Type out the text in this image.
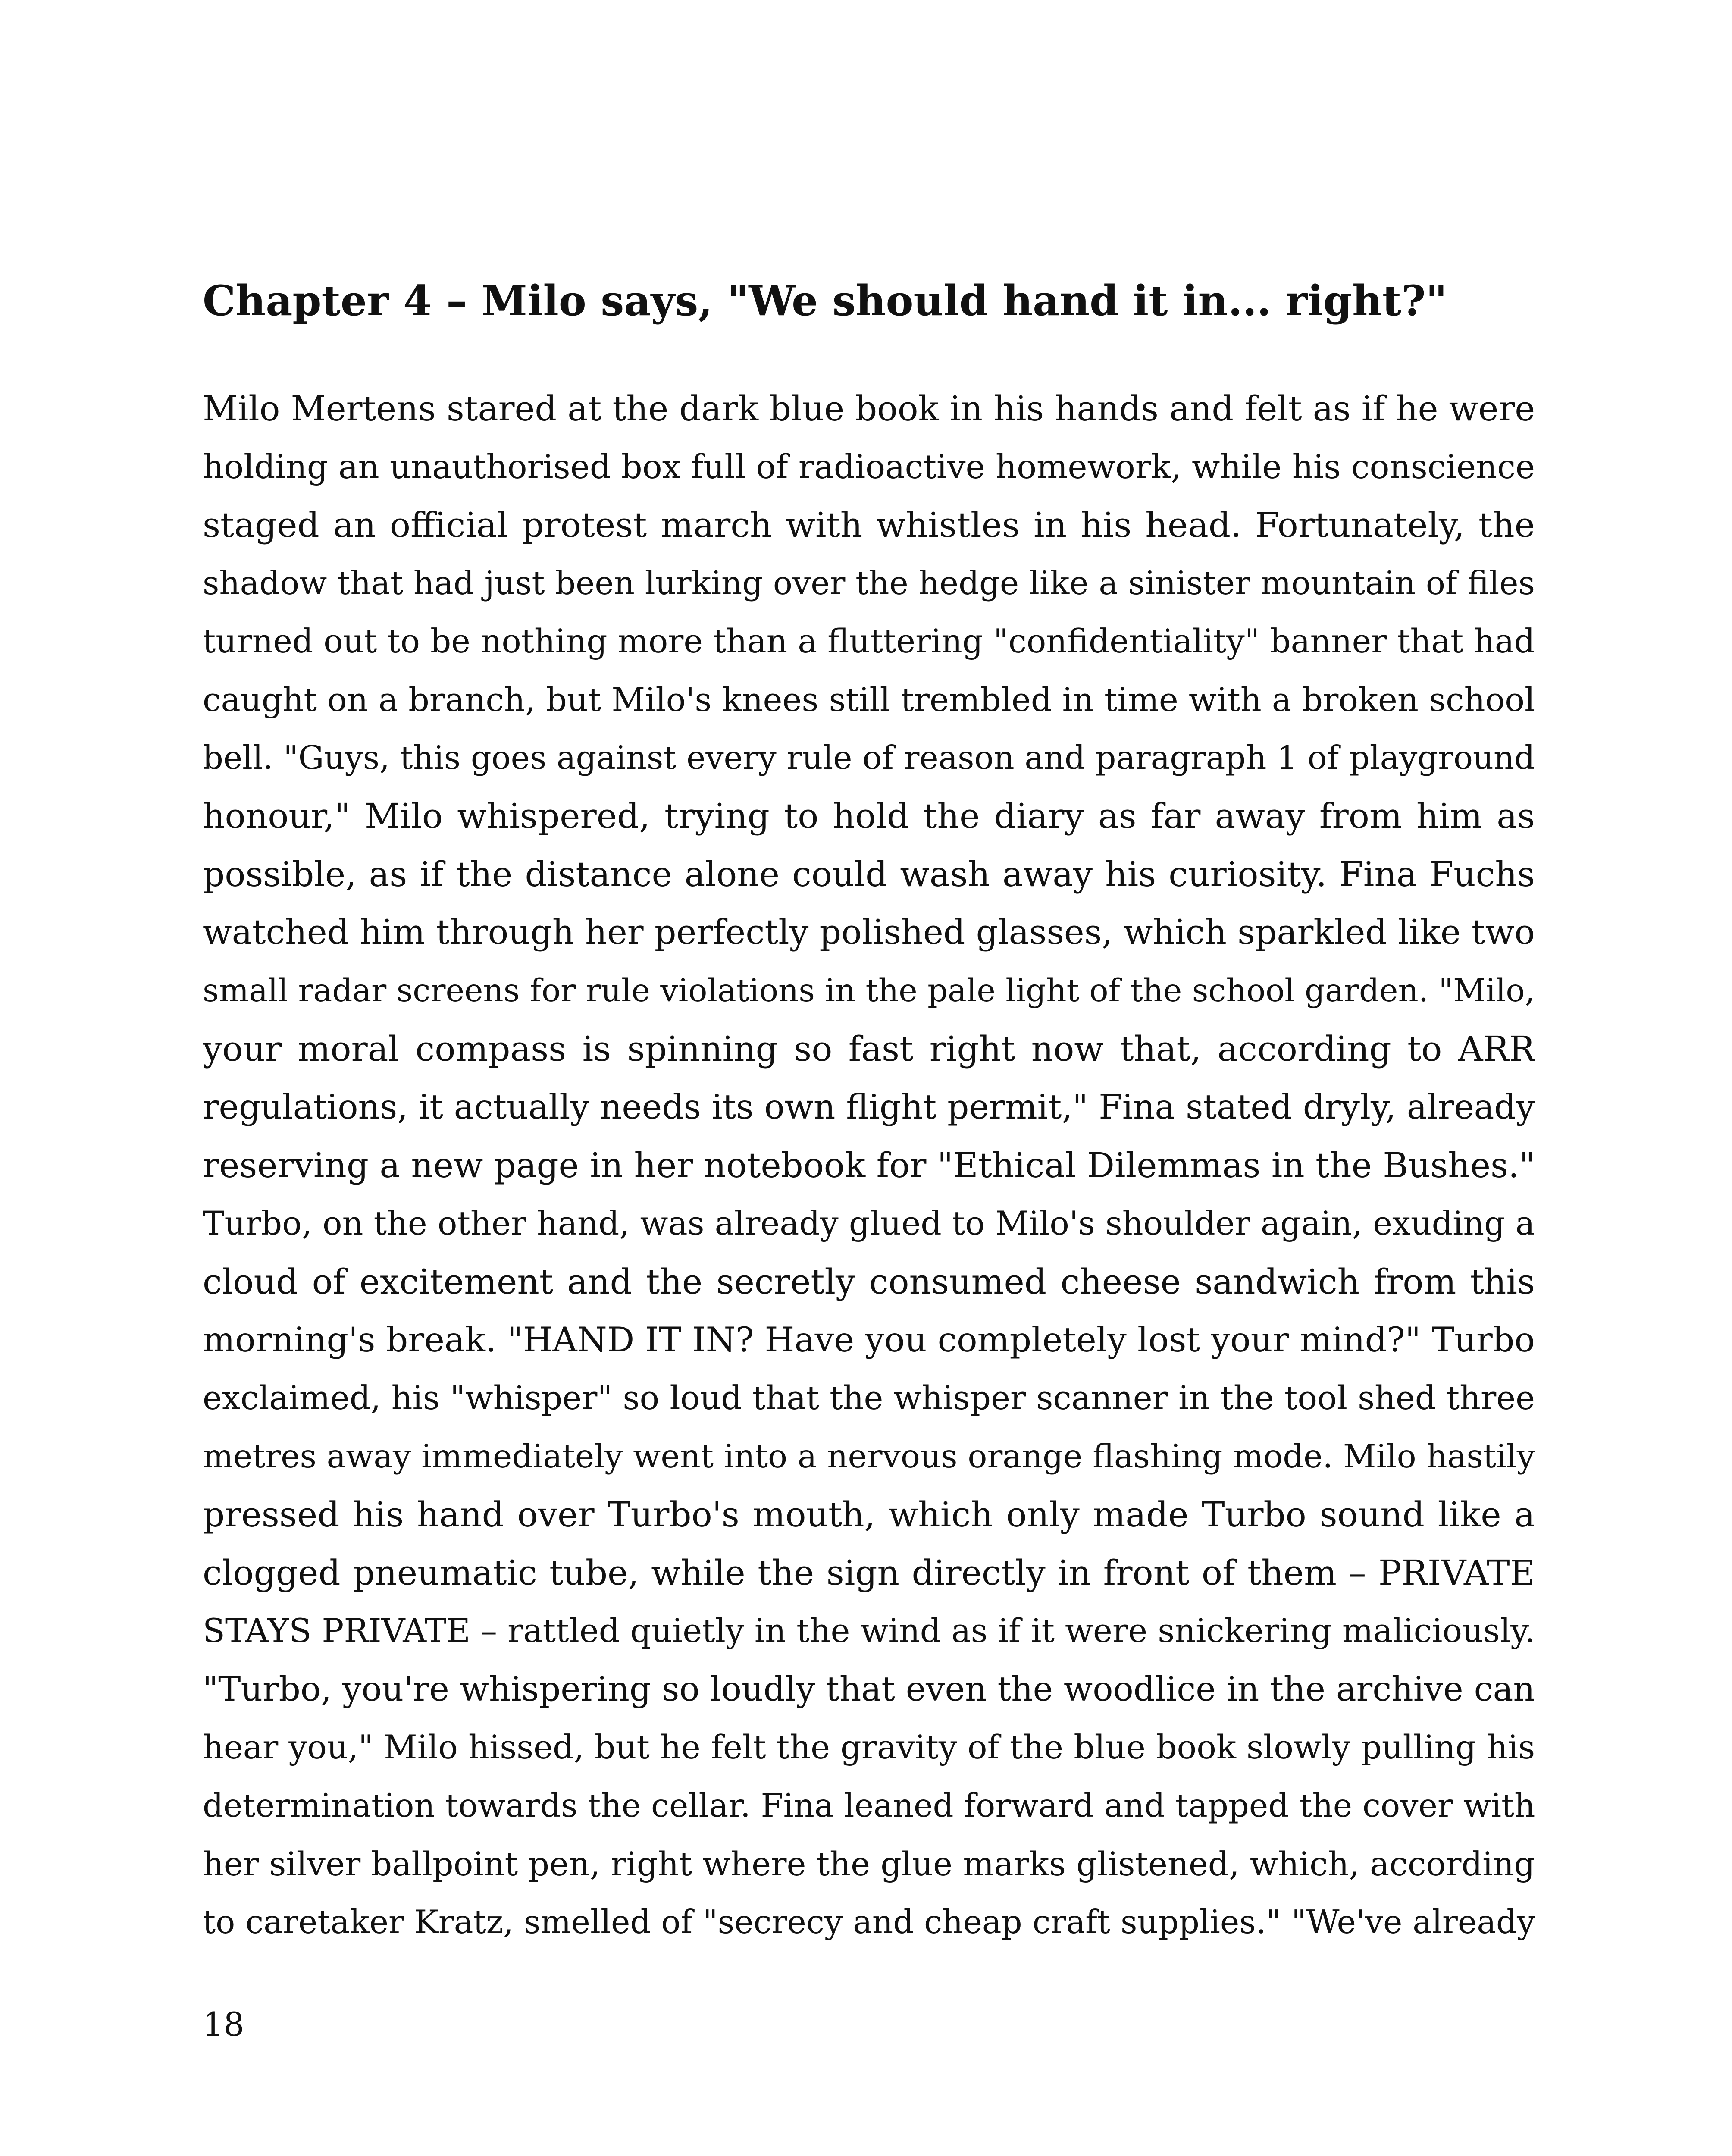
Chapter 4 – Milo says, "We should hand it in... right?"
Milo Mertens stared at the dark blue book in his hands and felt as if he were
holding an unauthorised box full of radioactive homework, while his conscience
staged an official protest march with whistles in his head. Fortunately, the
shadow that had just been lurking over the hedge like a sinister mountain of files
turned out to be nothing more than a fluttering "confidentiality" banner that had
caught on a branch, but Milo's knees still trembled in time with a broken school
bell. "Guys, this goes against every rule of reason and paragraph 1 of playground
honour," Milo whispered, trying to hold the diary as far away from him as
possible, as if the distance alone could wash away his curiosity. Fina Fuchs
watched him through her perfectly polished glasses, which sparkled like two
small radar screens for rule violations in the pale light of the school garden. "Milo,
your moral compass is spinning so fast right now that, according to ARR
regulations, it actually needs its own flight permit," Fina stated dryly, already
reserving a new page in her notebook for "Ethical Dilemmas in the Bushes."
Turbo, on the other hand, was already glued to Milo's shoulder again, exuding a
cloud of excitement and the secretly consumed cheese sandwich from this
morning's break. "HAND IT IN? Have you completely lost your mind?" Turbo
exclaimed, his "whisper" so loud that the whisper scanner in the tool shed three
metres away immediately went into a nervous orange flashing mode. Milo hastily
pressed his hand over Turbo's mouth, which only made Turbo sound like a
clogged pneumatic tube, while the sign directly in front of them – PRIVATE
STAYS PRIVATE – rattled quietly in the wind as if it were snickering maliciously.
"Turbo, you're whispering so loudly that even the woodlice in the archive can
hear you," Milo hissed, but he felt the gravity of the blue book slowly pulling his
determination towards the cellar. Fina leaned forward and tapped the cover with
her silver ballpoint pen, right where the glue marks glistened, which, according
to caretaker Kratz, smelled of "secrecy and cheap craft supplies." "We've already

18
